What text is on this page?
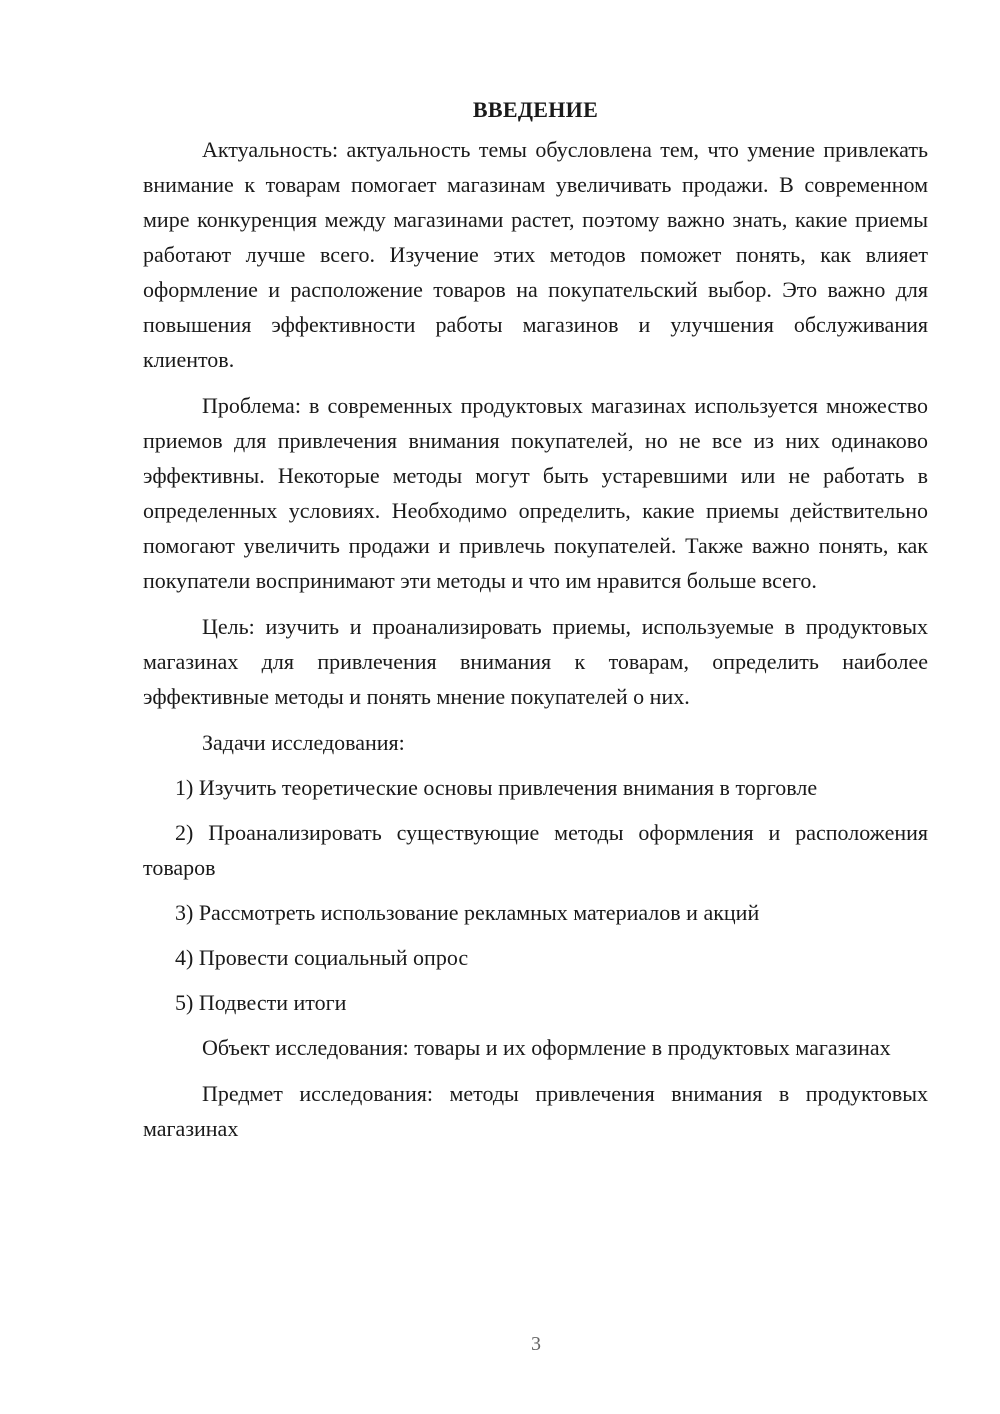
ВВЕДЕНИЕ

Актуальность: актуальность темы обусловлена тем, что умение привлекать внимание к товарам помогает магазинам увеличивать продажи. В современном мире конкуренция между магазинами растет, поэтому важно знать, какие приемы работают лучше всего. Изучение этих методов поможет понять, как влияет оформление и расположение товаров на покупательский выбор. Это важно для повышения эффективности работы магазинов и улучшения обслуживания клиентов.

Проблема: в современных продуктовых магазинах используется множество приемов для привлечения внимания покупателей, но не все из них одинаково эффективны. Некоторые методы могут быть устаревшими или не работать в определенных условиях. Необходимо определить, какие приемы действительно помогают увеличить продажи и привлечь покупателей. Также важно понять, как покупатели воспринимают эти методы и что им нравится больше всего.

Цель: изучить и проанализировать приемы, используемые в продуктовых магазинах для привлечения внимания к товарам, определить наиболее эффективные методы и понять мнение покупателей о них.

Задачи исследования:

1) Изучить теоретические основы привлечения внимания в торговле

2) Проанализировать существующие методы оформления и расположения товаров

3) Рассмотреть использование рекламных материалов и акций

4) Провести социальный опрос

5) Подвести итоги

Объект исследования: товары и их оформление в продуктовых магазинах

Предмет исследования: методы привлечения внимания в продуктовых магазинах

3
